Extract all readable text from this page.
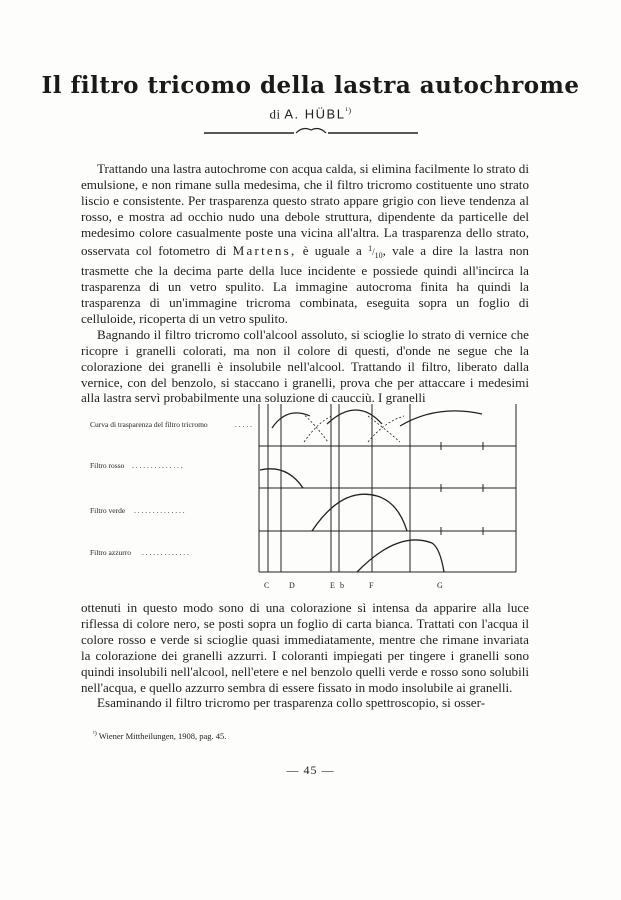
Il filtro tricomo della lastra autochrome
di A. $HÜBL^{^1)}$

Trattando una lastra autochrome con acqua calda, si elimina facilmente lo strato di emulsione, e non rimane sulla medesima, che il filtro tricromo costituente uno strato liscio e consistente. Per trasparenza questo strato appare grigio con lieve tendenza al rosso, e mostra ad occhio nudo una debole struttura, dipendente da particelle del medesimo colore casualmente poste una vicina all'altra. La trasparenza dello strato, osservata col fotometro di Martens, è uguale a $^1/_{10}$, vale a dire la lastra non trasmette che la decima parte della luce incidente e possiede quindi all'incirca la trasparenza di un vetro spulito. La immagine autocroma finita ha quindi la trasparenza di un'immagine tricroma combinata, eseguita sopra un foglio di celluloide, ricoperta di un vetro spulito.

Bagnando il filtro tricromo coll'alcool assoluto, si scioglie lo strato di vernice che ricopre i granelli colorati, ma non il colore di questi, d'onde ne segue che la colorazione dei granelli è insolubile nell'alcool. Trattando il filtro, liberato dalla vernice, con del benzolo, si staccano i granelli, prova che per attaccare i medesimi alla lastra servì probabilmente una soluzione di caucciù. I granelli

Curva di trasparenza del filtro tricromo	. . . . .
Filtro rosso . . . . . . . . . . . . . .
Filtro verde . . . . . . . . . . . . . .
Filtro azzurro . . . . . . . . . . . . .
C D	E b	F	G

ottenuti in questo modo sono di una colorazione sì intensa da apparire alla luce riflessa di colore nero, se posti sopra un foglio di carta bianca. Trattati con l'acqua il colore rosso e verde si scioglie quasi immediatamente, mentre che rimane invariata la colorazione dei granelli azzurri. I coloranti impiegati per tingere i granelli sono quindi insolubili nell'alcool, nell'etere e nel benzolo quelli verde e rosso sono solubili nell'acqua, e quello azzurro sembra di essere fissato in modo insolubile ai granelli.

Esaminando il filtro tricromo per trasparenza collo spettroscopio, si osser-

$^{^1)}$ Wiener Mittheilungen, 1908, pag. 45.
— 45 —
